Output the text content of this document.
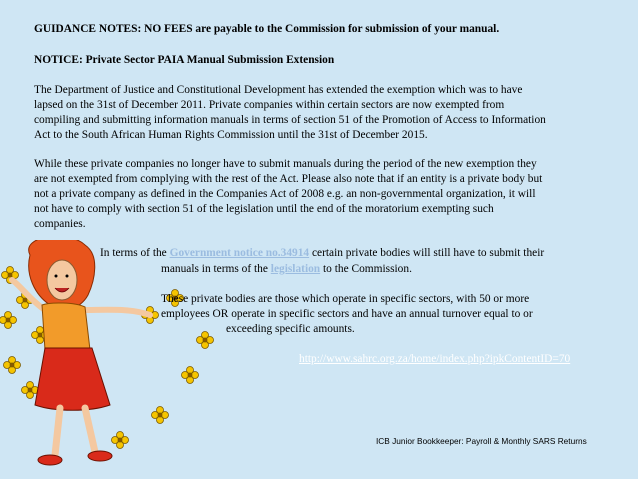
GUIDANCE NOTES: NO FEES are payable to the Commission for submission of your manual.

NOTICE: Private Sector PAIA Manual Submission Extension

The Department of Justice and Constitutional Development has extended the exemption which was to have

lapsed on the 31st of December 2011. Private companies within certain sectors are now exempted from

compiling and submitting information manuals in terms of section 51 of the Promotion of Access to Information

Act to the South African Human Rights Commission until the 31st of December 2015.

While these private companies no longer have to submit manuals during the period of the new exemption they

are not exempted from complying with the rest of the Act. Please also note that if an entity is a private body but

not a private company as defined in the Companies Act of 2008 e.g. an non-governmental organization, it will

not have to comply with section 51 of the legislation until the end of the moratorium exempting such

companies.

In terms of the Government notice no.34914 certain private bodies will still have to submit their

manuals in terms of the legislation to the Commission.

These private bodies are those which operate in specific sectors, with 50 or more

employees OR operate in specific sectors and have an annual turnover equal to or

exceeding specific amounts.

http://www.sahrc.org.za/home/index.php?ipkContentID=70

ICB Junior Bookkeeper: Payroll & Monthly SARS Returns
